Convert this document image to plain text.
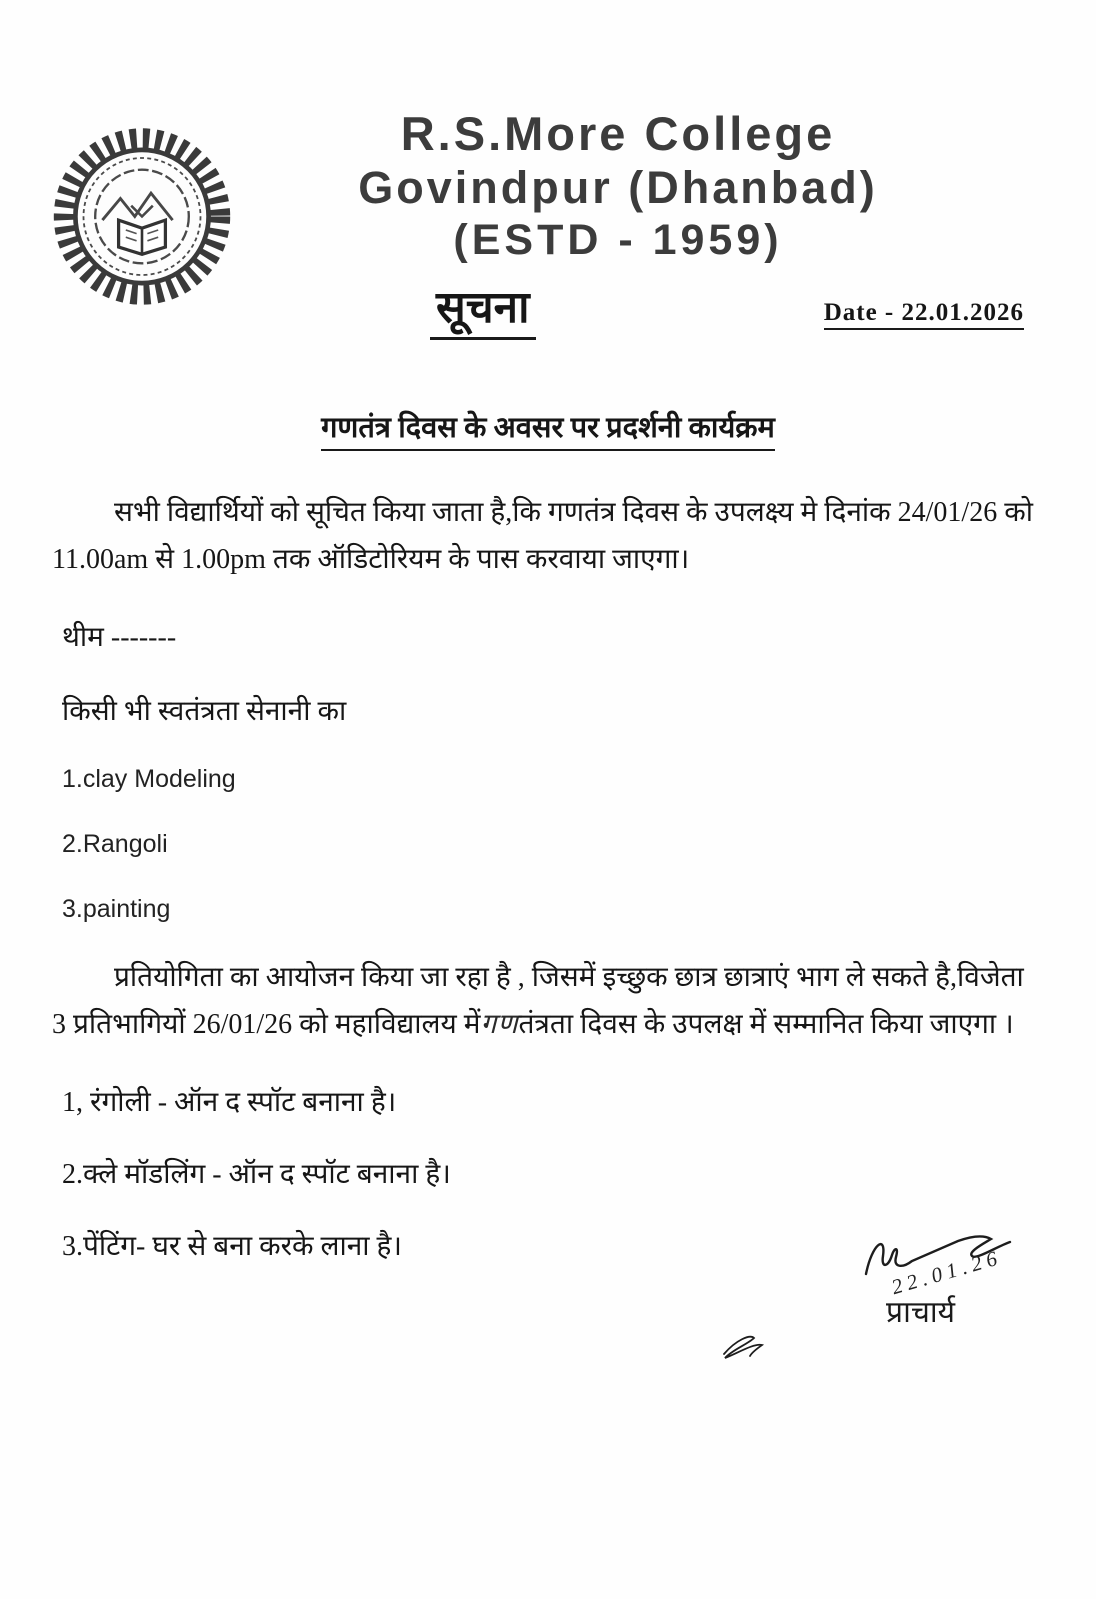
R.S.More College
Govindpur (Dhanbad)
(ESTD - 1959)
सूचना	Date - 22.01.2026
गणतंत्र दिवस के अवसर पर प्रदर्शनी कार्यक्रम

सभी विद्यार्थियों को सूचित किया जाता है,कि गणतंत्र दिवस के उपलक्ष्य मे दिनांक 24/01/26 को 11.00am से 1.00pm तक ऑडिटोरियम के पास करवाया जाएगा।

थीम -------
किसी भी स्वतंत्रता सेनानी का
1.clay Modeling
2.Rangoli
3.painting

प्रतियोगिता का आयोजन किया जा रहा है , जिसमें इच्छुक छात्र छात्राएं भाग ले सकते है,विजेता 3 प्रतिभागियों 26/01/26 को महाविद्यालय मेंगणतंत्रता दिवस के उपलक्ष में सम्मानित किया जाएगा ।

1, रंगोली - ऑन द स्पॉट बनाना है।
2.क्ले मॉडलिंग - ऑन द स्पॉट बनाना है।
3.पेंटिंग- घर से बना करके लाना है।	22.01.26
प्राचार्य
